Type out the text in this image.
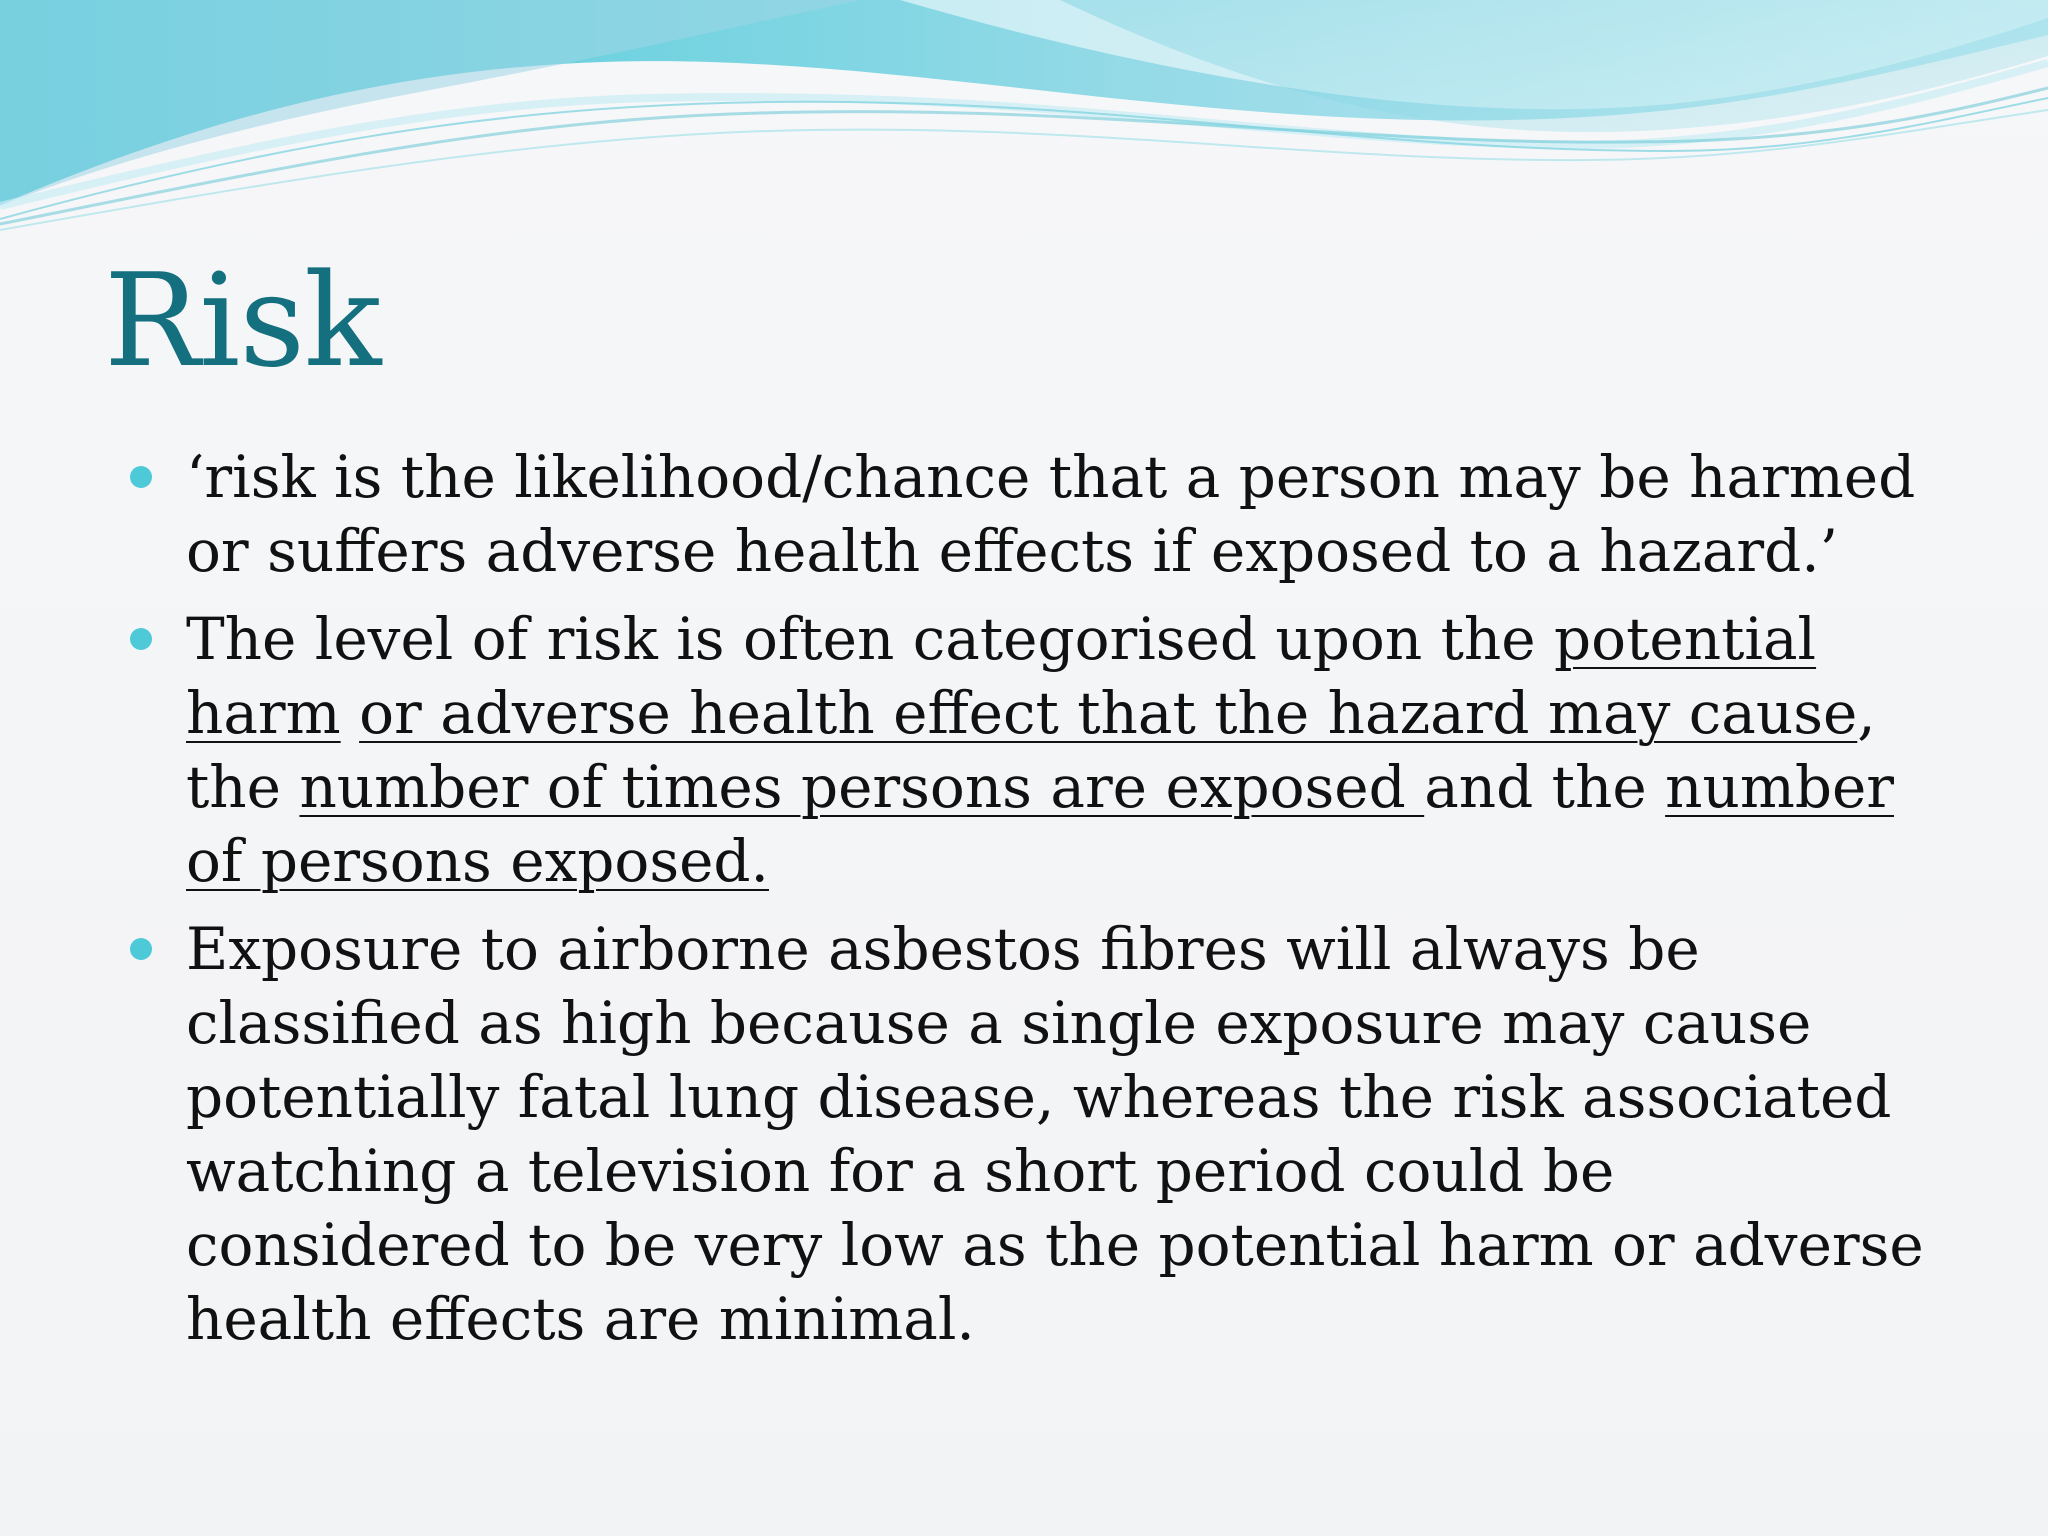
Risk
‘risk is the likelihood/chance that a person may be harmed or suffers adverse health effects if exposed to a hazard.’
The level of risk is often categorised upon the potential harm or adverse health effect that the hazard may cause, the number of times persons are exposed and the number of persons exposed.
Exposure to airborne asbestos fibres will always be classified as high because a single exposure may cause potentially fatal lung disease, whereas the risk associated watching a television for a short period could be considered to be very low as the potential harm or adverse health effects are minimal.
